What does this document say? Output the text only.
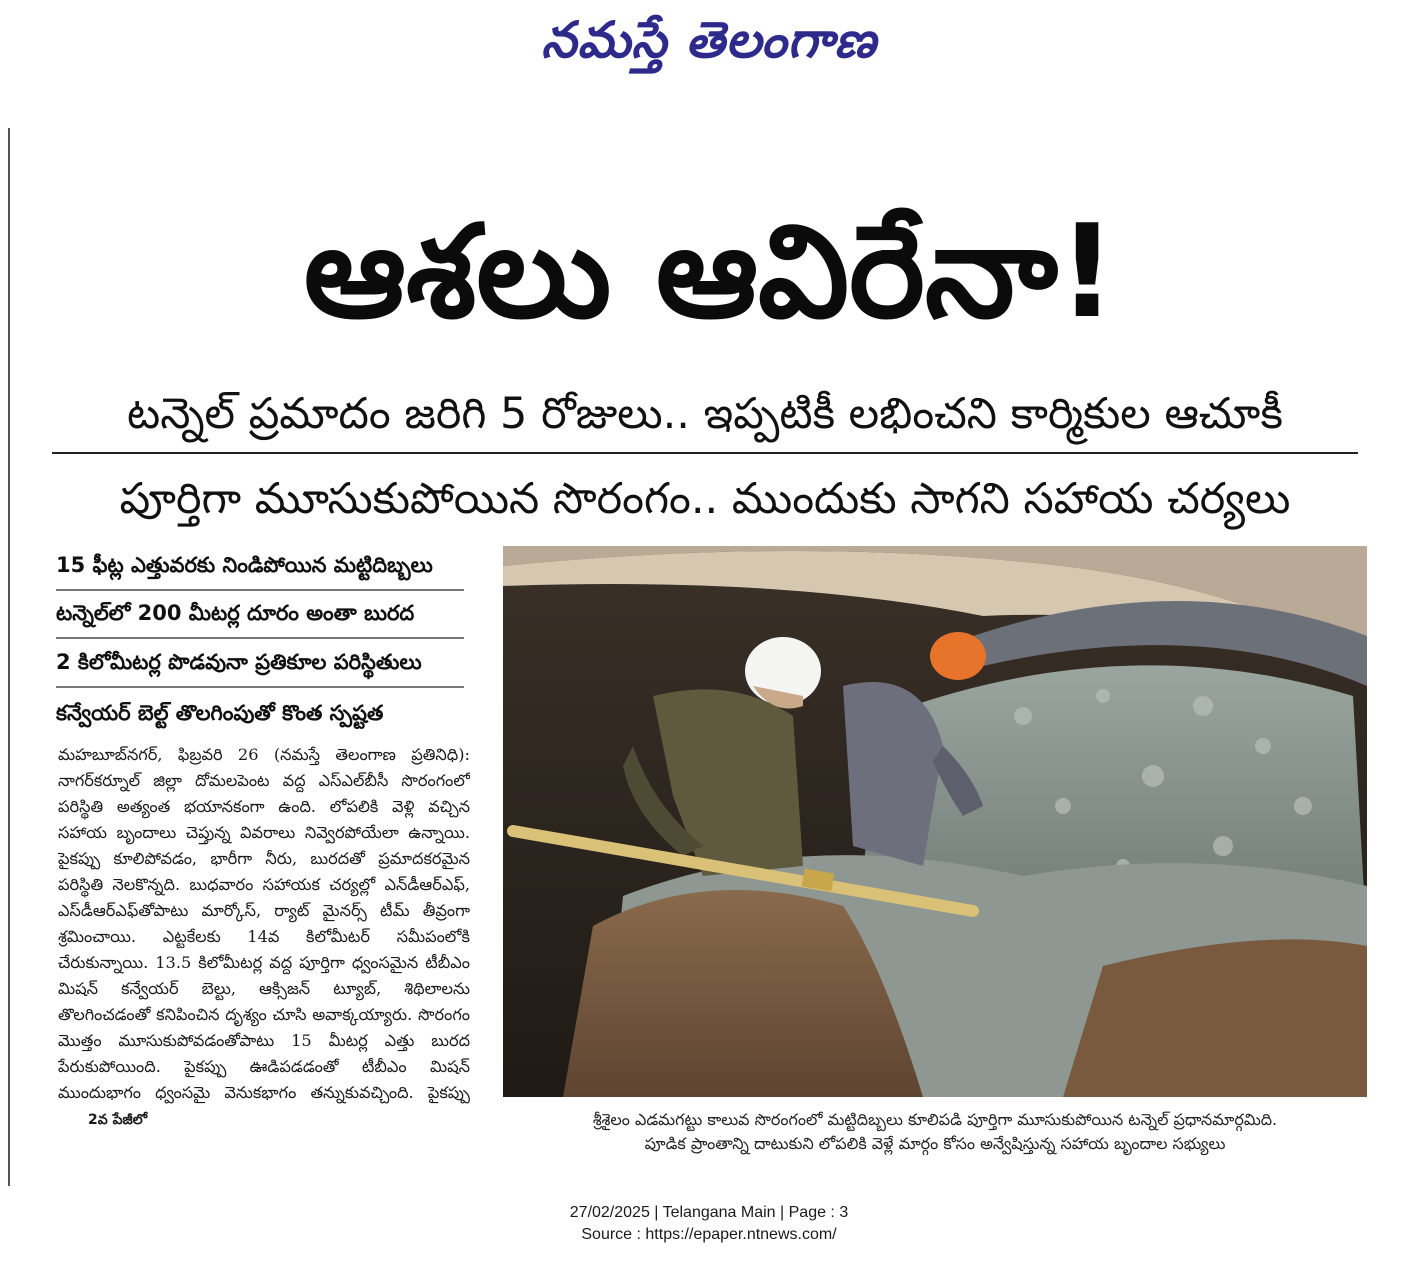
నమస్తే తెలంగాణ
ఆశలు ఆవిరేనా!
టన్నెల్ ప్రమాదం జరిగి 5 రోజులు.. ఇప్పటికీ లభించని కార్మికుల ఆచూకీ
పూర్తిగా మూసుకుపోయిన సొరంగం.. ముందుకు సాగని సహాయ చర్యలు
15 ఫీట్ల ఎత్తువరకు నిండిపోయిన మట్టిదిబ్బలు
టన్నెల్‌లో 200 మీటర్ల దూరం అంతా బురద
2 కిలోమీటర్ల పొడవునా ప్రతికూల పరిస్థితులు
కన్వేయర్ బెల్ట్ తొలగింపుతో కొంత స్పష్టత
మహబూబ్‌నగర్, ఫిబ్రవరి 26 (నమస్తే తెలంగాణ ప్రతినిధి): నాగర్‌కర్నూల్ జిల్లా దోమలపెంట వద్ద ఎస్‌ఎల్‌బీసీ సొరంగంలో పరిస్థితి అత్యంత భయానకంగా ఉంది. లోపలికి వెళ్లి వచ్చిన సహాయ బృందాలు చెప్తున్న వివరాలు నివ్వెరపోయేలా ఉన్నాయి. పైకప్పు కూలిపోవడం, భారీగా నీరు, బురదతో ప్రమాదకరమైన పరిస్థితి నెలకొన్నది. బుధవారం సహాయక చర్యల్లో ఎన్‌డీఆర్‌ఎఫ్, ఎస్‌డీఆర్‌ఎఫ్‌తోపాటు మార్కోస్, ర్యాట్ మైనర్స్ టీమ్ తీవ్రంగా శ్రమించాయి. ఎట్టకేలకు 14వ కిలోమీటర్ సమీపంలోకి చేరుకున్నాయి. 13.5 కిలోమీటర్ల వద్ద పూర్తిగా ధ్వంసమైన టీబీఎం మిషన్ కన్వేయర్ బెల్టు, ఆక్సిజన్ ట్యూబ్, శిథిలాలను తొలగించడంతో కనిపించిన దృశ్యం చూసి అవాక్కయ్యారు. సొరంగం మొత్తం మూసుకుపోవడంతోపాటు 15 మీటర్ల ఎత్తు బురద పేరుకుపోయింది. పైకప్పు ఊడిపడడంతో టీబీఎం మిషన్ ముందుభాగం ధ్వంసమై వెనుకభాగం తన్నుకువచ్చింది. పైకప్పు 2వ పేజీలో	శ్రీశైలం ఎడమగట్టు కాలువ సొరంగంలో మట్టిదిబ్బలు కూలిపడి పూర్తిగా మూసుకుపోయిన టన్నెల్ ప్రధానమార్గమిది.
పూడిక ప్రాంతాన్ని దాటుకుని లోపలికి వెళ్లే మార్గం కోసం అన్వేషిస్తున్న సహాయ బృందాల సభ్యులు
27/02/2025 | Telangana Main | Page : 3
Source : https://epaper.ntnews.com/
